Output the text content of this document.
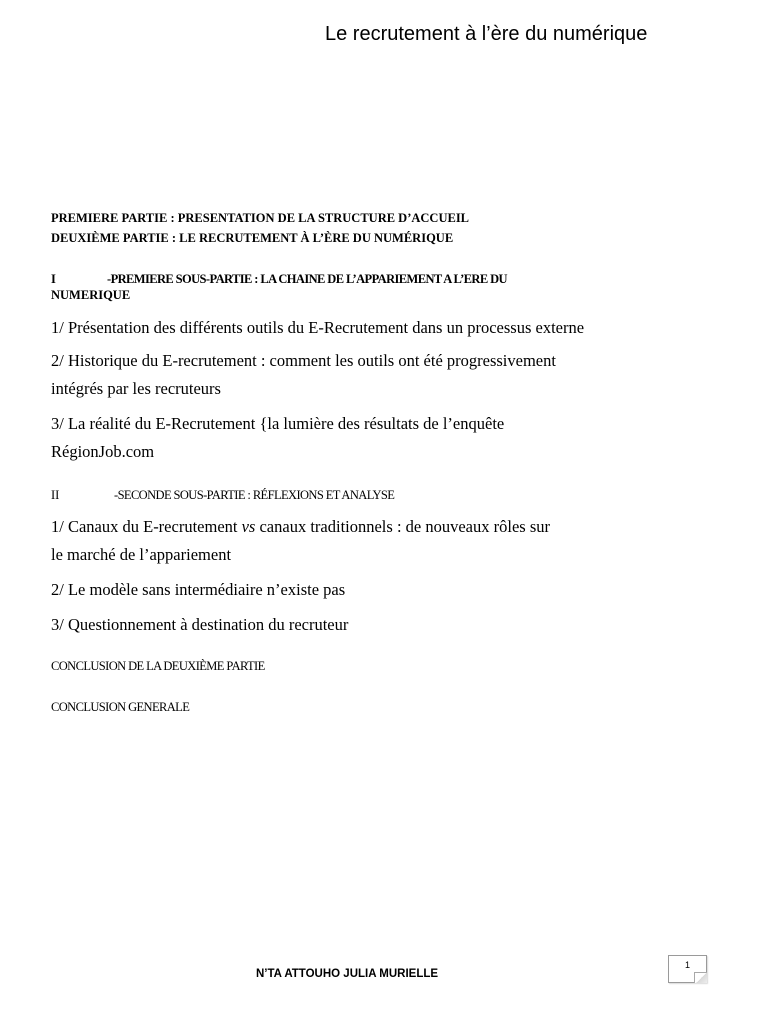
Le recrutement à l’ère du numérique
PREMIERE PARTIE : PRESENTATION DE LA STRUCTURE D’ACCUEIL
DEUXIÈME PARTIE : LE RECRUTEMENT À L’ÈRE DU NUMÉRIQUE
I	-PREMIERE SOUS-PARTIE : LA CHAINE DE L’APPARIEMENT A L’ERE DU
NUMERIQUE
1/ Présentation des différents outils du E-Recrutement dans un processus externe
2/ Historique du E-recrutement : comment les outils ont été progressivement
intégrés par les recruteurs
3/ La réalité du E-Recrutement {la lumière des résultats de l’enquête
RégionJob.com
II	-SECONDE SOUS-PARTIE : RÉFLEXIONS ET ANALYSE
1/ Canaux du E-recrutement vs canaux traditionnels : de nouveaux rôles sur
le marché de l’appariement
2/ Le modèle sans intermédiaire n’existe pas
3/ Questionnement à destination du recruteur
CONCLUSION DE LA DEUXIÈME PARTIE
CONCLUSION GENERALE
1
N’TA ATTOUHO JULIA MURIELLE
